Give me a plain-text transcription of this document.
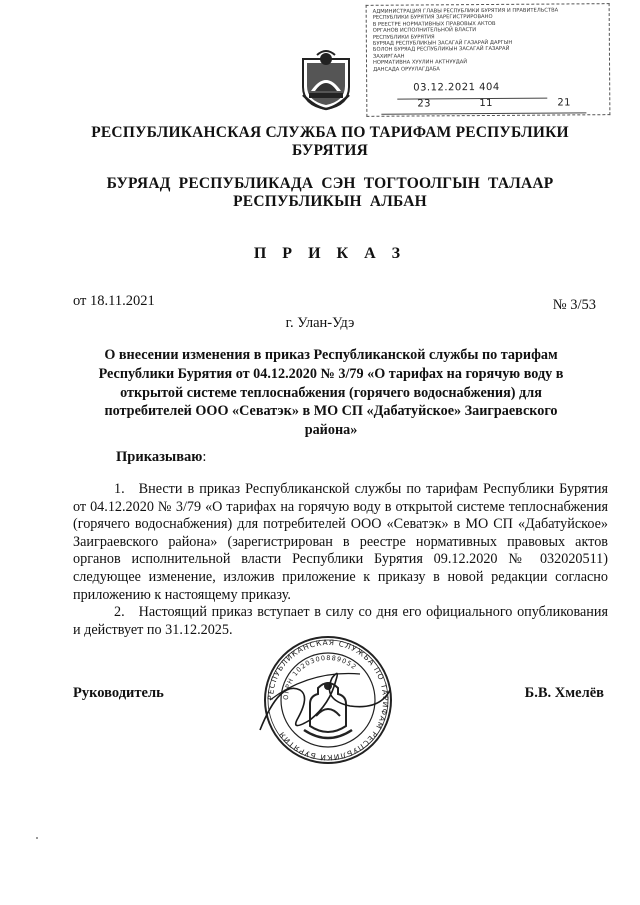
АДМИНИСТРАЦИЯ ГЛАВЫ РЕСПУБЛИКИ БУРЯТИЯ И ПРАВИТЕЛЬСТВА
РЕСПУБЛИКИ БУРЯТИЯ ЗАРЕГИСТРИРОВАНО
В РЕЕСТРЕ НОРМАТИВНЫХ ПРАВОВЫХ АКТОВ
ОРГАНОВ ИСПОЛНИТЕЛЬНОЙ ВЛАСТИ
РЕСПУБЛИКИ БУРЯТИЯ
БУРЯАД РЕСПУБЛИКЫН ЗАСАГАЙ ГАЗАРАЙ ДАРГЫН
БОЛОН БУРЯАД РЕСПУБЛИКЫН ЗАСАГАЙ ГАЗАРАЙ
ЗАХИРГААН
НОРМАТИВНА ХУУЛИН АКТНУУДАЙ
ДАНСАДА ОРУУЛАГДАБА
03.12.2021 404
23	11	21
РЕСПУБЛИКАНСКАЯ СЛУЖБА ПО ТАРИФАМ РЕСПУБЛИКИ
БУРЯТИЯ
БУРЯАД РЕСПУБЛИКАДА СЭН ТОГТООЛГЫН ТАЛААР
РЕСПУБЛИКЫН АЛБАН
П Р И К А З
от 18.11.2021	№ 3/53
г. Улан-Удэ
О внесении изменения в приказ Республиканской службы по тарифам
Республики Бурятия от 04.12.2020 № 3/79 «О тарифах на горячую воду в
открытой системе теплоснабжения (горячего водоснабжения) для
потребителей ООО «Севатэк» в МО СП «Дабатуйское» Заиграевского
района»
Приказываю:

1. Внести в приказ Республиканской службы по тарифам Республики Бурятия от 04.12.2020 № 3/79 «О тарифах на горячую воду в открытой системе теплоснабжения (горячего водоснабжения) для потребителей ООО «Севатэк» в МО СП «Дабатуйское» Заиграевского района» (зарегистрирован в реестре нормативных правовых актов органов исполнительной власти Республики Бурятия 09.12.2020 № 032020511) следующее изменение, изложив приложение к приказу в новой редакции согласно приложению к настоящему приказу.

2. Настоящий приказ вступает в силу со дня его официального опубликования и действует по 31.12.2025.

РЕСПУБЛИКАНСКАЯ СЛУЖБА ПО ТАРИФАМ РЕСПУБЛИКИ БУРЯТИЯ
ОГРН 1020300889052
Руководитель	Б.В. Хмелёв
